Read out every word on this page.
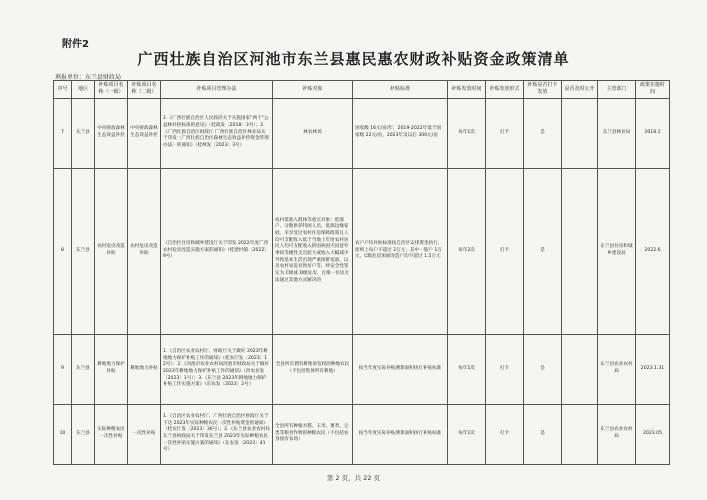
附件2
广西壮族自治区河池市东兰县惠民惠农财政补贴资金政策清单
填报单位：东兰县财政局
序号	地区	补贴项目名称（一级）	补贴项目名称（二级）	补贴项目管理办法	补贴对象	补贴标准	补贴发放时间	补贴发放形式	补贴是否打卡发放	是否及时公开	主管部门	政策实施时间
7	东兰县	中央财政森林生态效益补偿	中央财政森林生态效益补偿	1.《广西壮族自治区人民政府关于实施国家“两个”公益林补偿标准的意见》（桂政发〔2018〕3号）；2.《广西壮族自治区财政厅 广西壮族自治区林业局关于印发〈广西壮族自治区森林生态效益补偿资金管理办法〉的通知》（桂林发〔2023〕3号）	林农林场	国家级 16元/亩/年，2019-2022年低于国家级 22元/亩，2023年及以后 300元/亩	每年1次	打卡	是		东兰县林业局	2018.1
8	东兰县	农村危房改造补助	农村危房改造补助	《自治区住房和城乡建设厅关于印发 2022年度广西农村危房改造实施方案的通知》（桂建村镇〔2022〕9号）	农村低收入群体等重点对象：低保户、分散供养特困人员、低保边缘家庭、未享受过农村住房保障政策且人均可支配收入低于当地上年度农村居民人均可支配收入的因病因灾因意外事故等刚性支出较大或收入大幅减少导致基本生活出现严重困难家庭，以及农村易返贫致贫户等，经安全性鉴定为 C级或 D级危房，且唯一住房无法通过其他方式解决的	农户户均补助标准按自治区安排资金执行，原则上每户不超过 2万元；其中一般户 1万元，C级危房加固改造户均不超过 1.5万元	每年2次	打卡	是		东兰县住房和城乡建设局	2022.6
9	东兰县	耕地地力保护补贴	耕地地力补贴	1.《自治区农业农村厅、财政厅关于做好 2023年耕地地力保护补贴工作的通知》（桂农厅发〔2023〕12号）；2.《河池市农业农村局河池市财政局关于做好 2023年耕地地力保护补贴工作的通知》（河农业发〔2023〕1号）；3.《东兰县 2023年耕地地力保护补贴工作实施方案》（东农发〔2023〕2号）	全县所有拥有耕地承包权的种地农民（不包括集体所有耕地）	按当年度实际补贴测算面积执行补贴标准	每年1次	打卡	是		东兰县农业农村局	2023.1.31
10	东兰县	实际种粮农民一次性补贴	一次性补贴	1.《自治区农业农村厅、广西壮族自治区财政厅关于下达 2023年实际种粮农民一次性补贴资金的通知》（桂农厅发〔2023〕36号）；2.《东兰县农业农村局 东兰县财政局关于印发东兰县 2023年实际种粮农民一次性补贴实施方案的通知》（东农发〔2023〕41号）	全县所有种植水稻、玉米、薯类、豆类等粮食作物的种粮农民（不包括农垦国有农场）	按当年度实际补贴测算面积执行补贴标准	每年1次	打卡	是		东兰县农业农村局	2023.05
第 2 页，共 22 页
